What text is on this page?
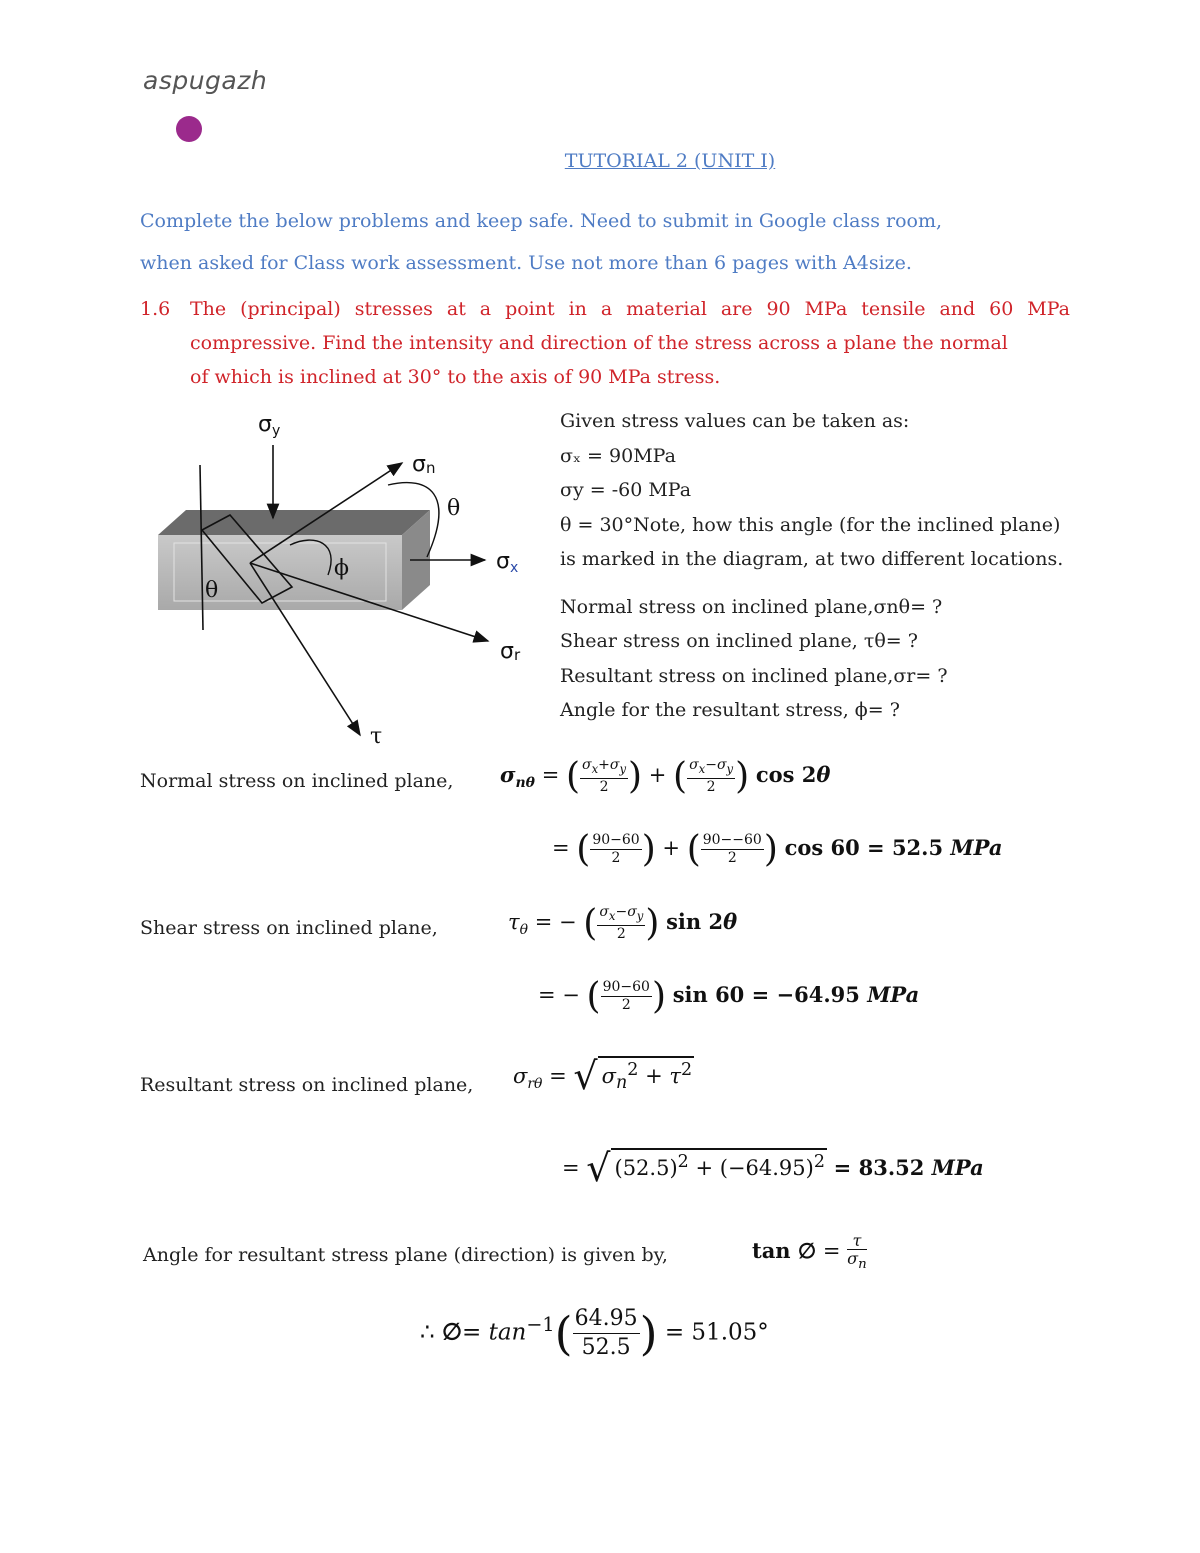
aspugazh
TUTORIAL 2 (UNIT I)
Complete the below problems and keep safe. Need to submit in Google class room,
when asked for Class work assessment. Use not more than 6 pages with A4size.
1.6 The (principal) stresses at a point in a material are 90 MPa tensile and 60 MPa
compressive. Find the intensity and direction of the stress across a plane the normal
of which is inclined at 30° to the axis of 90 MPa stress.
σy
σn
θ
ϕ	σx
θ
σr
τ
Given stress values can be taken as:
σₓ = 90MPa
σy = -60 MPa
θ = 30°Note, how this angle (for the inclined plane)
is marked in the diagram, at two different locations.
Normal stress on inclined plane,σnθ= ?
Shear stress on inclined plane, τθ= ?
Resultant stress on inclined plane,σr= ?
Angle for the resultant stress, ϕ= ?
Normal stress on inclined plane, $\sigma_{n\theta}$ = ( $\frac{\sigma_x+\sigma_y}{2}$ ) + ( $\frac{\sigma_x-\sigma_y}{2}$ ) cos 2θ
= ( $\frac{90-60}{2}$ ) + ( $\frac{90--60}{2}$ ) cos 60 = 52.5 MPa
Shear stress on inclined plane,	$\tau_\theta$ = − ( $\frac{\sigma_x-\sigma_y}{2}$ ) sin 2θ
= − ( $\frac{90-60}{2}$ ) sin 60 = −64.95 MPa
Resultant stress on inclined plane, $\sigma_{r\theta}$ = √ $\sigma_n^2 + \tau^2$
= √ $(52.5)^2 + (-64.95)^2 = 83.52$ MPa
Angle for resultant stress plane (direction) is given by,	tan ∅ = $\frac{\tau}{\sigma_n}$
∴ ∅= $\tan^{-1}( \frac{64.95}{52.5}$ ) = 51.05°
